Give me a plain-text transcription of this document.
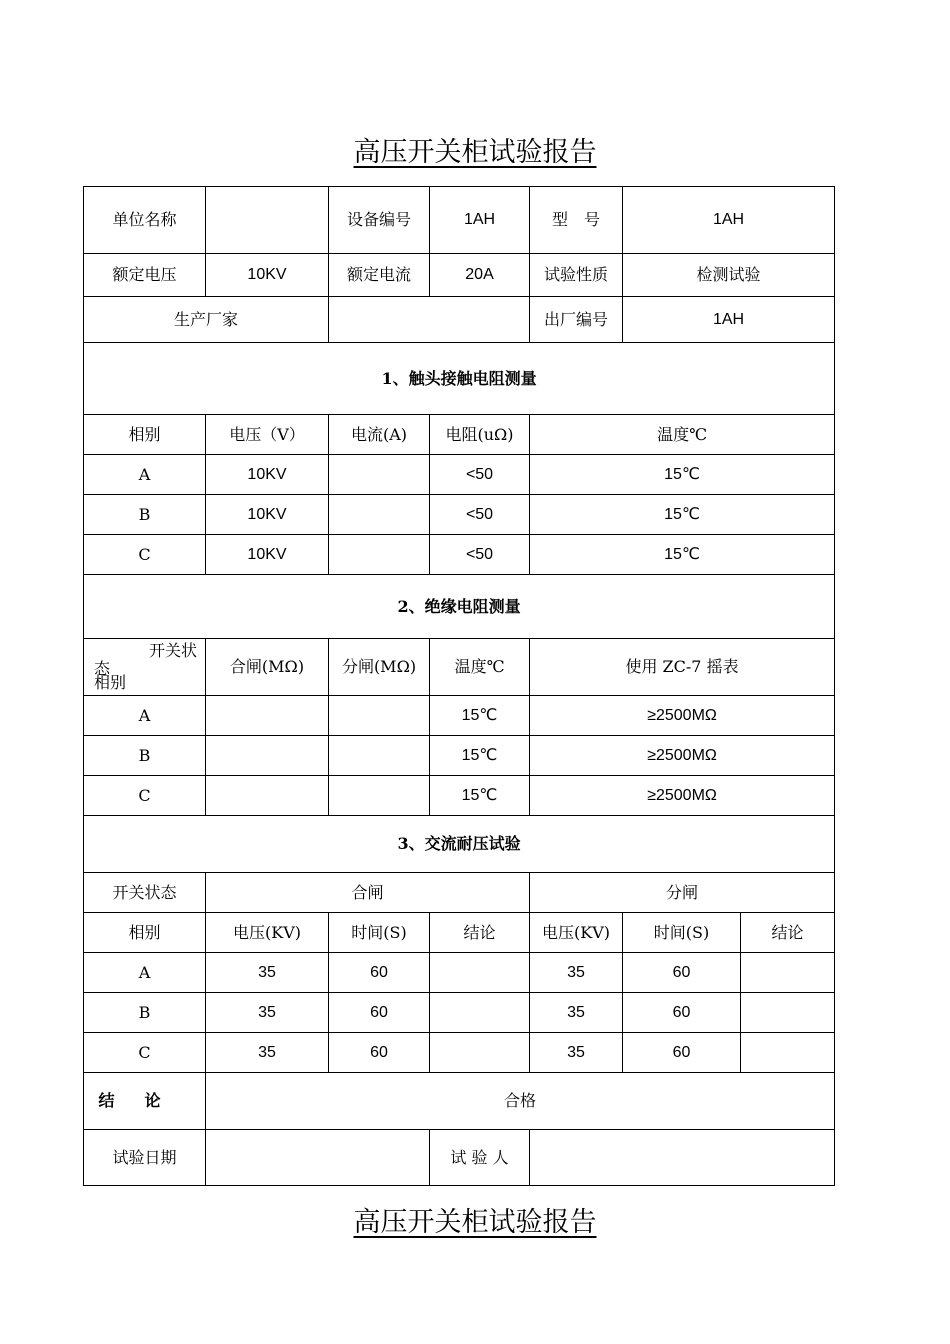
高压开关柜试验报告
单位名称		设备编号	1AH	型　号	1AH	
额定电压	10KV	额定电流	20A	试验性质	检测试验	
生产厂家				出厂编号	1AH	
1、触头接触电阻测量						
相别	电压（V）	电流(A)	电阻(uΩ)	温度℃		
A	10KV		<50	15℃		
B	10KV		<50	15℃		
C	10KV		<50	15℃		
2、绝缘电阻测量						

开关状
态
相别	合闸(MΩ)	分闸(MΩ)	温度℃	使用 ZC-7 摇表		
A			15℃	≥2500MΩ		
B			15℃	≥2500MΩ		
C			15℃	≥2500MΩ		
3、交流耐压试验						
开关状态	合闸			分闸		
相别	电压(KV)	时间(S)	结论	电压(KV)	时间(S)	结论
A	35	60		35	60	
B	35	60		35	60	
C	35	60		35	60	
结论	合格					
试验日期			试 验 人			
高压开关柜试验报告
